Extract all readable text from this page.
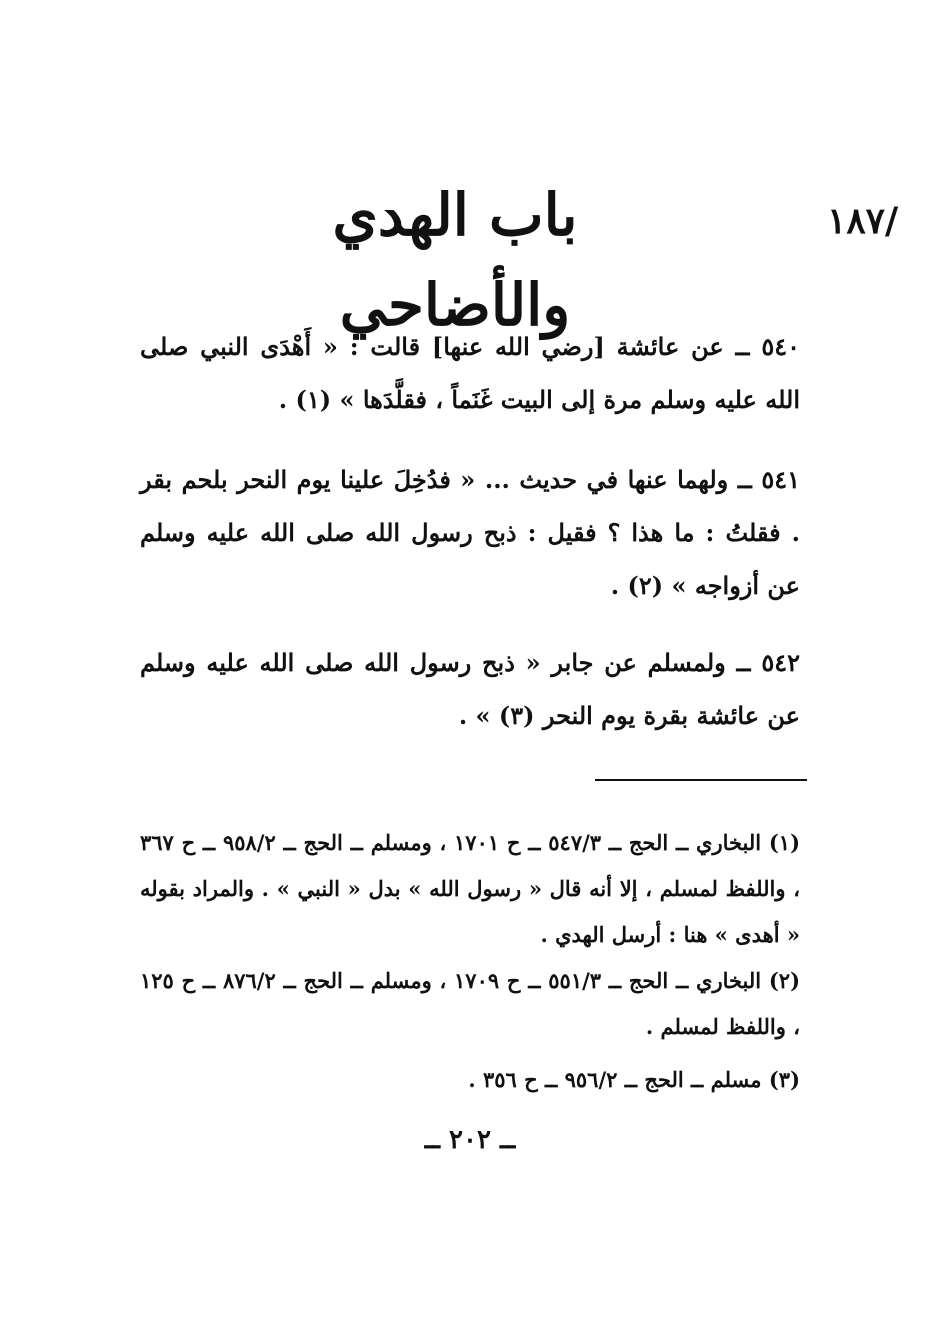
١٨٧/
باب الهدي والأضاحي

٥٤٠ ــ عن عائشة [رضي الله عنها] قالت : « أَهْدَى النبي صلى الله عليه وسلم مرة إلى البيت غَنَماً ، فقلَّدَها » (١) .

٥٤١ ــ ولهما عنها في حديث ... « فدُخِلَ علينا يوم النحر بلحم بقر . فقلتُ : ما هذا ؟ فقيل : ذبح رسول الله صلى الله عليه وسلم عن أزواجه » (٢) .

٥٤٢ ــ ولمسلم عن جابر « ذبح رسول الله صلى الله عليه وسلم عن عائشة بقرة يوم النحر (٣) » .

(١) البخاري ــ الحج ــ ٥٤٧/٣ ــ ح ١٧٠١ ، ومسلم ــ الحج ــ ٩٥٨/٢ ــ ح ٣٦٧ ، واللفظ لمسلم ، إلا أنه قال « رسول الله » بدل « النبي » . والمراد بقوله « أهدى » هنا : أرسل الهدي .

(٢) البخاري ــ الحج ــ ٥٥١/٣ ــ ح ١٧٠٩ ، ومسلم ــ الحج ــ ٨٧٦/٢ ــ ح ١٢٥ ، واللفظ لمسلم .

(٣) مسلم ــ الحج ــ ٩٥٦/٢ ــ ح ٣٥٦ .

ــ ٢٠٢ ــ
